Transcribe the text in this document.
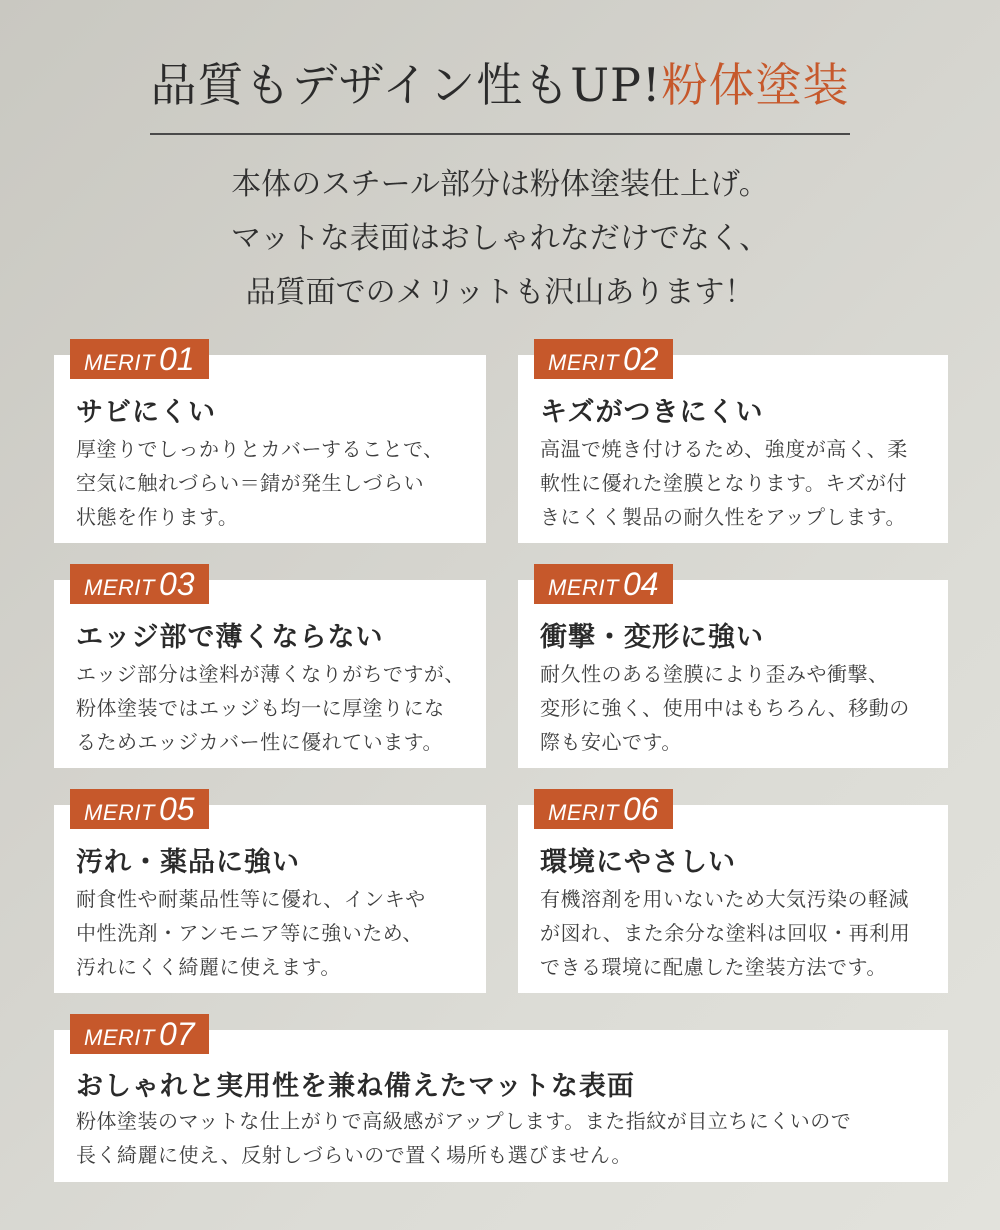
品質もデザイン性もUP!粉体塗装
本体のスチール部分は粉体塗装仕上げ。
マットな表面はおしゃれなだけでなく、
品質面でのメリットも沢山あります！
MERIT 01
サビにくい
厚塗りでしっかりとカバーすることで、
空気に触れづらい＝錆が発生しづらい
状態を作ります。
MERIT 02
キズがつきにくい
高温で焼き付けるため、強度が高く、柔
軟性に優れた塗膜となります。キズが付
きにくく製品の耐久性をアップします。
MERIT 03
エッジ部で薄くならない
エッジ部分は塗料が薄くなりがちですが、
粉体塗装ではエッジも均一に厚塗りにな
るためエッジカバー性に優れています。
MERIT 04
衝撃・変形に強い
耐久性のある塗膜により歪みや衝撃、
変形に強く、使用中はもちろん、移動の
際も安心です。
MERIT 05
汚れ・薬品に強い
耐食性や耐薬品性等に優れ、インキや
中性洗剤・アンモニア等に強いため、
汚れにくく綺麗に使えます。
MERIT 06
環境にやさしい
有機溶剤を用いないため大気汚染の軽減
が図れ、また余分な塗料は回収・再利用
できる環境に配慮した塗装方法です。
MERIT 07
おしゃれと実用性を兼ね備えたマットな表面
粉体塗装のマットな仕上がりで高級感がアップします。また指紋が目立ちにくいので
長く綺麗に使え、反射しづらいので置く場所も選びません。
